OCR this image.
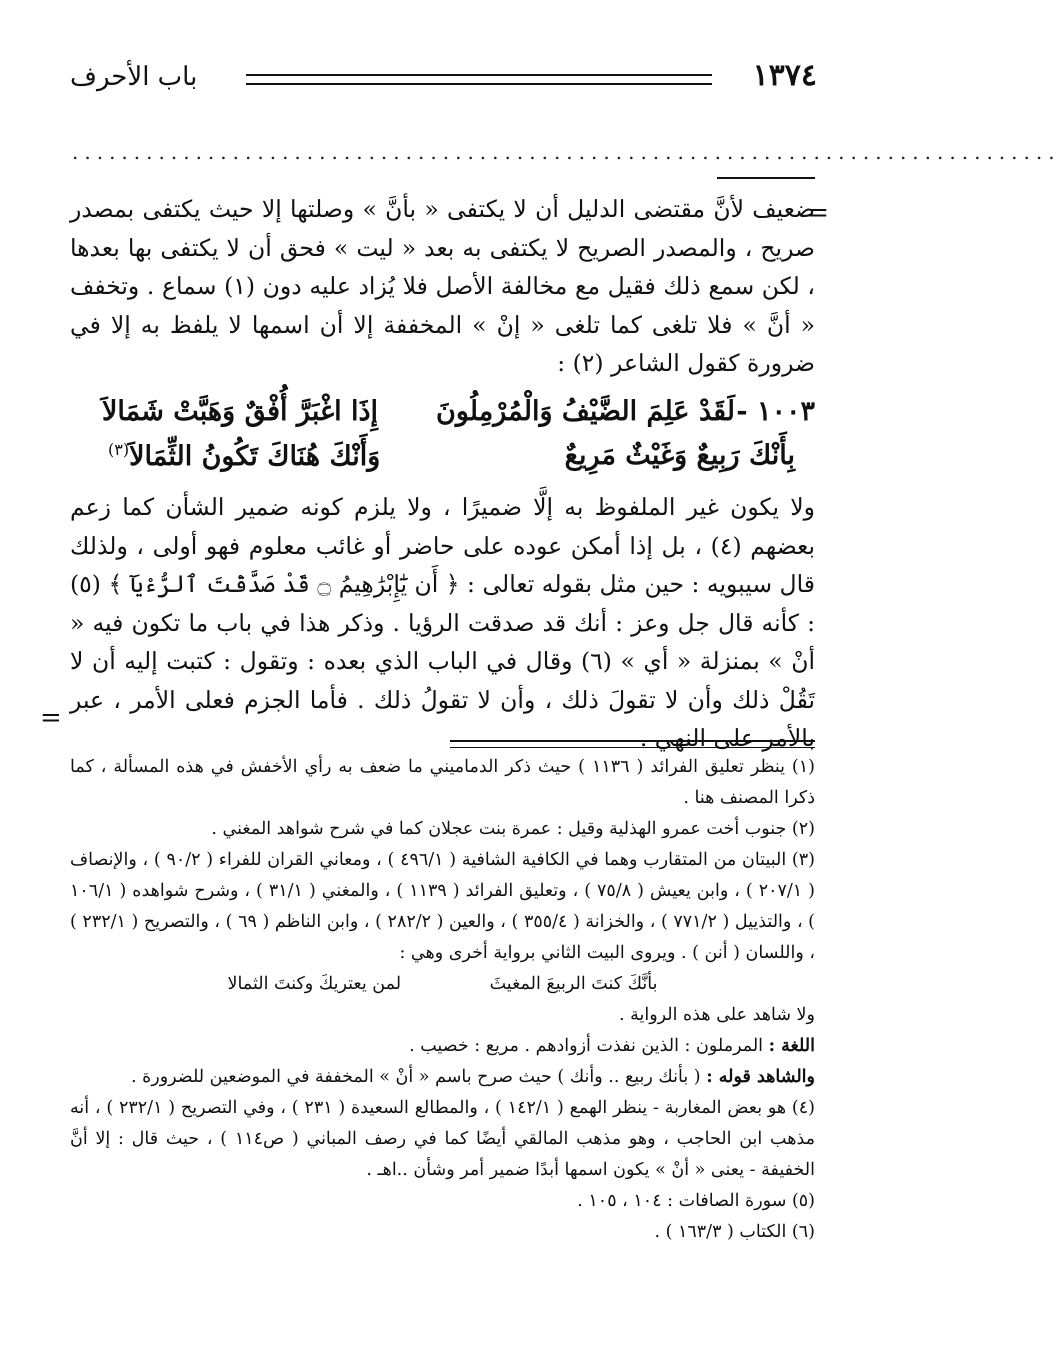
١٣٧٤
باب الأحرف
................................................................................
=

ضعيف لأنَّ مقتضى الدليل أن لا يكتفى « بأنَّ » وصلتها إلا حيث يكتفى بمصدر صريح ، والمصدر الصريح لا يكتفى به بعد « ليت » فحق أن لا يكتفى بها بعدها ، لكن سمع ذلك فقيل مع مخالفة الأصل فلا يُزاد عليه دون (١) سماع . وتخفف « أنَّ » فلا تلغى كما تلغى « إنْ » المخففة إلا أن اسمها لا يلفظ به إلا في ضرورة كقول الشاعر (٢) :

١٠٠٣ -
لَقَدْ عَلِمَ الضَّيْفُ وَالْمُرْمِلُونَ
إِذَا اغْبَرَّ أُفْقٌ وَهَبَّتْ شَمَالاَ
بِأَنْكَ رَبِيعٌ وَغَيْثٌ مَرِيعٌ
وَأَنْكَ هُنَاكَ تَكُونُ الثِّمَالاَ$^{(٣)}$

ولا يكون غير الملفوظ به إلَّا ضميرًا ، ولا يلزم كونه ضمير الشأن كما زعم بعضهم (٤) ، بل إذا أمكن عوده على حاضر أو غائب معلوم فهو أولى ، ولذلك قال سيبويه : حين مثل بقوله تعالى : ﴿ أَن يَٰٓإِبْرَٰهِيمُ ۝ قَدْ صَدَّقْتَ ٱلرُّءْيَآ ﴾ (٥) : كأنه قال جل وعز : أنك قد صدقت الرؤيا . وذكر هذا في باب ما تكون فيه « أنْ » بمنزلة « أي » (٦) وقال في الباب الذي بعده : وتقول : كتبت إليه أن لا تَقُلْ ذلك وأن لا تقولَ ذلك ، وأن لا تقولُ ذلك . فأما الجزم فعلى الأمر ، عبر بالأمر على النهي .

=

(١) ينظر تعليق الفرائد ( ١١٣٦ ) حيث ذكر الدماميني ما ضعف به رأي الأخفش في هذه المسألة ، كما ذكرا المصنف هنا .

(٢) جنوب أخت عمرو الهذلية وقيل : عمرة بنت عجلان كما في شرح شواهد المغني .

(٣) البيتان من المتقارب وهما في الكافية الشافية ( ٤٩٦/١ ) ، ومعاني القران للفراء ( ٩٠/٢ ) ، والإنصاف ( ٢٠٧/١ ) ، وابن يعيش ( ٧٥/٨ ) ، وتعليق الفرائد ( ١١٣٩ ) ، والمغني ( ٣١/١ ) ، وشرح شواهده ( ١٠٦/١ ) ، والتذييل ( ٧٧١/٢ ) ، والخزانة ( ٣٥٥/٤ ) ، والعين ( ٢٨٢/٢ ) ، وابن الناظم ( ٦٩ ) ، والتصريح ( ٢٣٢/١ ) ، واللسان ( أنن ) . ويروى البيت الثاني برواية أخرى وهي :

بأنَّكَ كنتَ الربيعَ المغيثَ لمن يعتريكَ وكنتَ الثمالا

ولا شاهد على هذه الرواية .

اللغة : المرملون : الذين نفذت أزوادهم . مريع : خصيب .

والشاهد قوله : ( بأنك ربيع .. وأنك ) حيث صرح باسم « أنْ » المخففة في الموضعين للضرورة .

(٤) هو بعض المغاربة - ينظر الهمع ( ١٤٢/١ ) ، والمطالع السعيدة ( ٢٣١ ) ، وفي التصريح ( ٢٣٢/١ ) ، أنه مذهب ابن الحاجب ، وهو مذهب المالقي أيضًا كما في رصف المباني ( ص١١٤ ) ، حيث قال : إلا أنَّ الخفيفة - يعنى « أنْ » يكون اسمها أبدًا ضمير أمر وشأن ..اهـ .

(٥) سورة الصافات : ١٠٤ ، ١٠٥ .

(٦) الكتاب ( ١٦٣/٣ ) .
